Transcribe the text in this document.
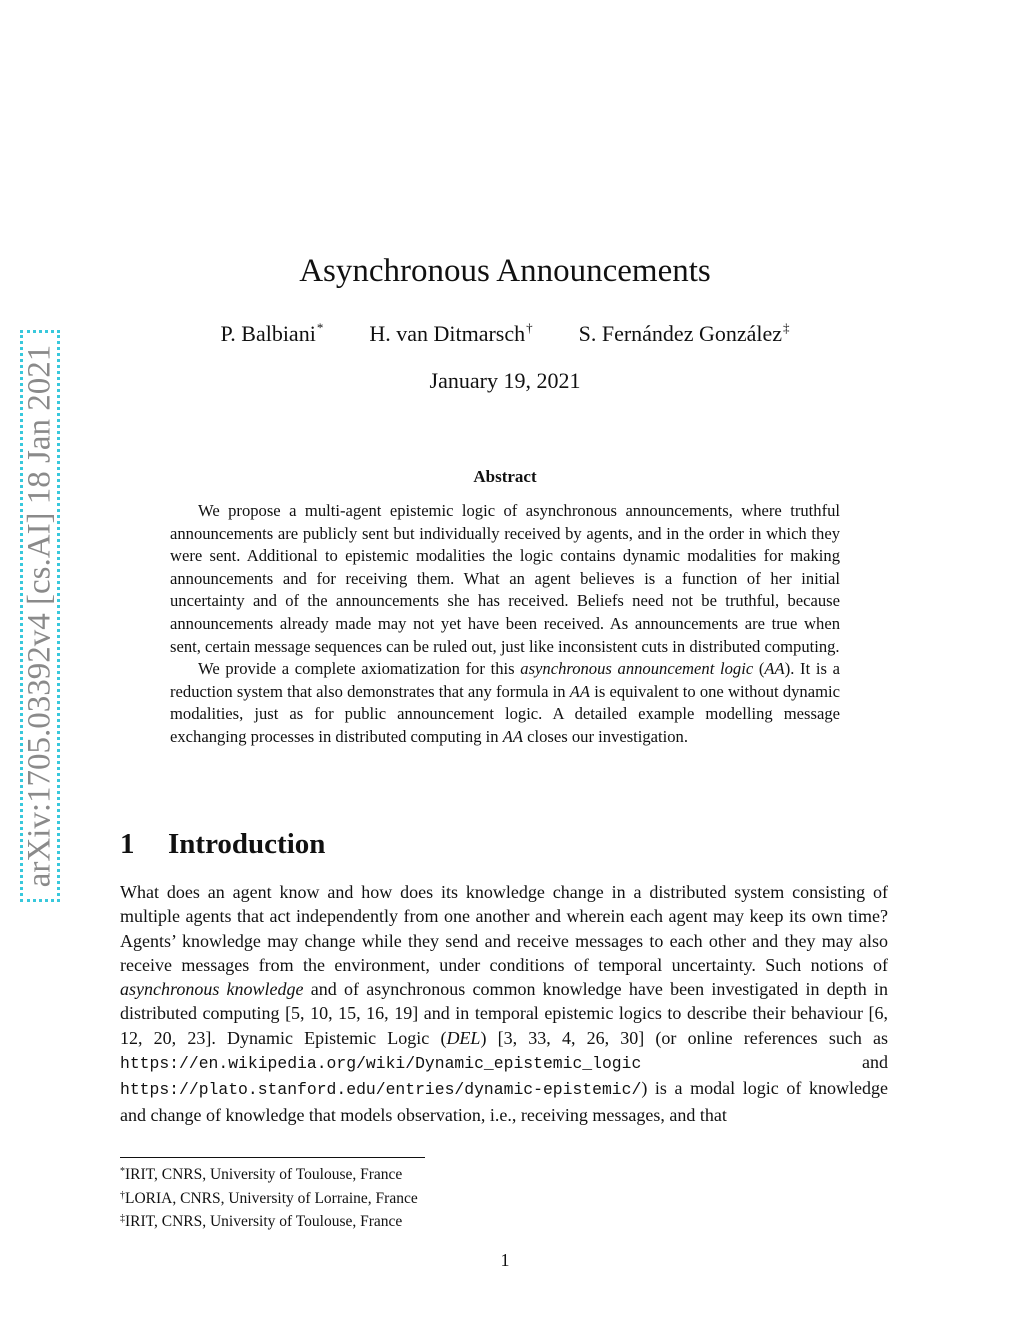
arXiv:1705.03392v4 [cs.AI] 18 Jan 2021
Asynchronous Announcements
P. Balbiani* H. van Ditmarsch† S. Fernández González‡
January 19, 2021
Abstract

We propose a multi-agent epistemic logic of asynchronous announcements, where truthful announcements are publicly sent but individually received by agents, and in the order in which they were sent. Additional to epistemic modalities the logic contains dynamic modalities for making announcements and for receiving them. What an agent believes is a function of her initial uncertainty and of the announcements she has received. Beliefs need not be truthful, because announcements already made may not yet have been received. As announcements are true when sent, certain message sequences can be ruled out, just like inconsistent cuts in distributed computing.

We provide a complete axiomatization for this asynchronous announcement logic (AA). It is a reduction system that also demonstrates that any formula in AA is equivalent to one without dynamic modalities, just as for public announcement logic. A detailed example modelling message exchanging processes in distributed computing in AA closes our investigation.

1 Introduction

What does an agent know and how does its knowledge change in a distributed system consisting of multiple agents that act independently from one another and wherein each agent may keep its own time? Agents’ knowledge may change while they send and receive messages to each other and they may also receive messages from the environment, under conditions of temporal uncertainty. Such notions of asynchronous knowledge and of asynchronous common knowledge have been investigated in depth in distributed computing [5, 10, 15, 16, 19] and in temporal epistemic logics to describe their behaviour [6, 12, 20, 23]. Dynamic Epistemic Logic (DEL) [3, 33, 4, 26, 30] (or online references such as https://en.wikipedia.org/wiki/Dynamic_epistemic_logic and https://plato.stanford.edu/entries/dynamic-epistemic/) is a modal logic of knowledge and change of knowledge that models observation, i.e., receiving messages, and that

*IRIT, CNRS, University of Toulouse, France
†LORIA, CNRS, University of Lorraine, France
‡IRIT, CNRS, University of Toulouse, France
1
